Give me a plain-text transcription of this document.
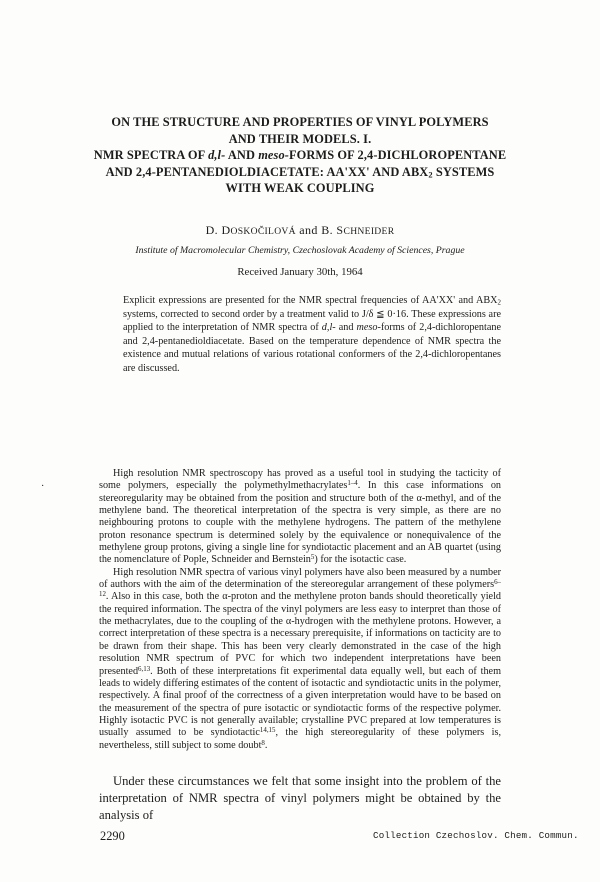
ON THE STRUCTURE AND PROPERTIES OF VINYL POLYMERS
AND THEIR MODELS. I.
NMR SPECTRA OF d,l- AND meso-FORMS OF 2,4-DICHLOROPENTANE
AND 2,4-PENTANEDIOLDIACETATE: AA'XX' AND $ABX_2$ SYSTEMS
WITH WEAK COUPLING
D. DOSKOČILOVÁ and B. SCHNEIDER
Institute of Macromolecular Chemistry, Czechoslovak Academy of Sciences, Prague
Received January 30th, 1964
Explicit expressions are presented for the NMR spectral frequencies of AA'XX' and $ABX_2$ systems, corrected to second order by a treatment valid to J/δ ≦ 0·16. These expressions are applied to the interpretation of NMR spectra of d,l- and meso-forms of 2,4-dichloropentane and 2,4-pentanedioldiacetate. Based on the temperature dependence of NMR spectra the existence and mutual relations of various rotational conformers of the 2,4-dichloropentanes are discussed.
·

High resolution NMR spectroscopy has proved as a useful tool in studying the tacticity of some polymers, especially the polymethylmethacrylates$^{1-4}$. In this case informations on stereoregularity may be obtained from the position and structure both of the α-methyl, and of the methylene band. The theoretical interpretation of the spectra is very simple, as there are no neighbouring protons to couple with the methylene hydrogens. The pattern of the methylene proton resonance spectrum is determined solely by the equivalence or nonequivalence of the methylene group protons, giving a single line for syndiotactic placement and an AB quartet (using the nomenclature of Pople, Schneider and Bernstein$^5$) for the isotactic case.

High resolution NMR spectra of various vinyl polymers have also been measured by a number of authors with the aim of the determination of the stereoregular arrangement of these polymers$^{6-12}$. Also in this case, both the α-proton and the methylene proton bands should theoretically yield the required information. The spectra of the vinyl polymers are less easy to interpret than those of the methacrylates, due to the coupling of the α-hydrogen with the methylene protons. However, a correct interpretation of these spectra is a necessary prerequisite, if informations on tacticity are to be drawn from their shape. This has been very clearly demonstrated in the case of the high resolution NMR spectrum of PVC for which two independent interpretations have been presented$^{6,13}$. Both of these interpretations fit experimental data equally well, but each of them leads to widely differing estimates of the content of isotactic and syndiotactic units in the polymer, respectively. A final proof of the correctness of a given interpretation would have to be based on the measurement of the spectra of pure isotactic or syndiotactic forms of the respective polymer. Highly isotactic PVC is not generally available; crystalline PVC prepared at low temperatures is usually assumed to be syndiotactic$^{14,15}$, the high stereoregularity of these polymers is, nevertheless, still subject to some doubt$^8$.

Under these circumstances we felt that some insight into the problem of the interpretation of NMR spectra of vinyl polymers might be obtained by the analysis of

2290	Collection Czechoslov. Chem. Commun.
